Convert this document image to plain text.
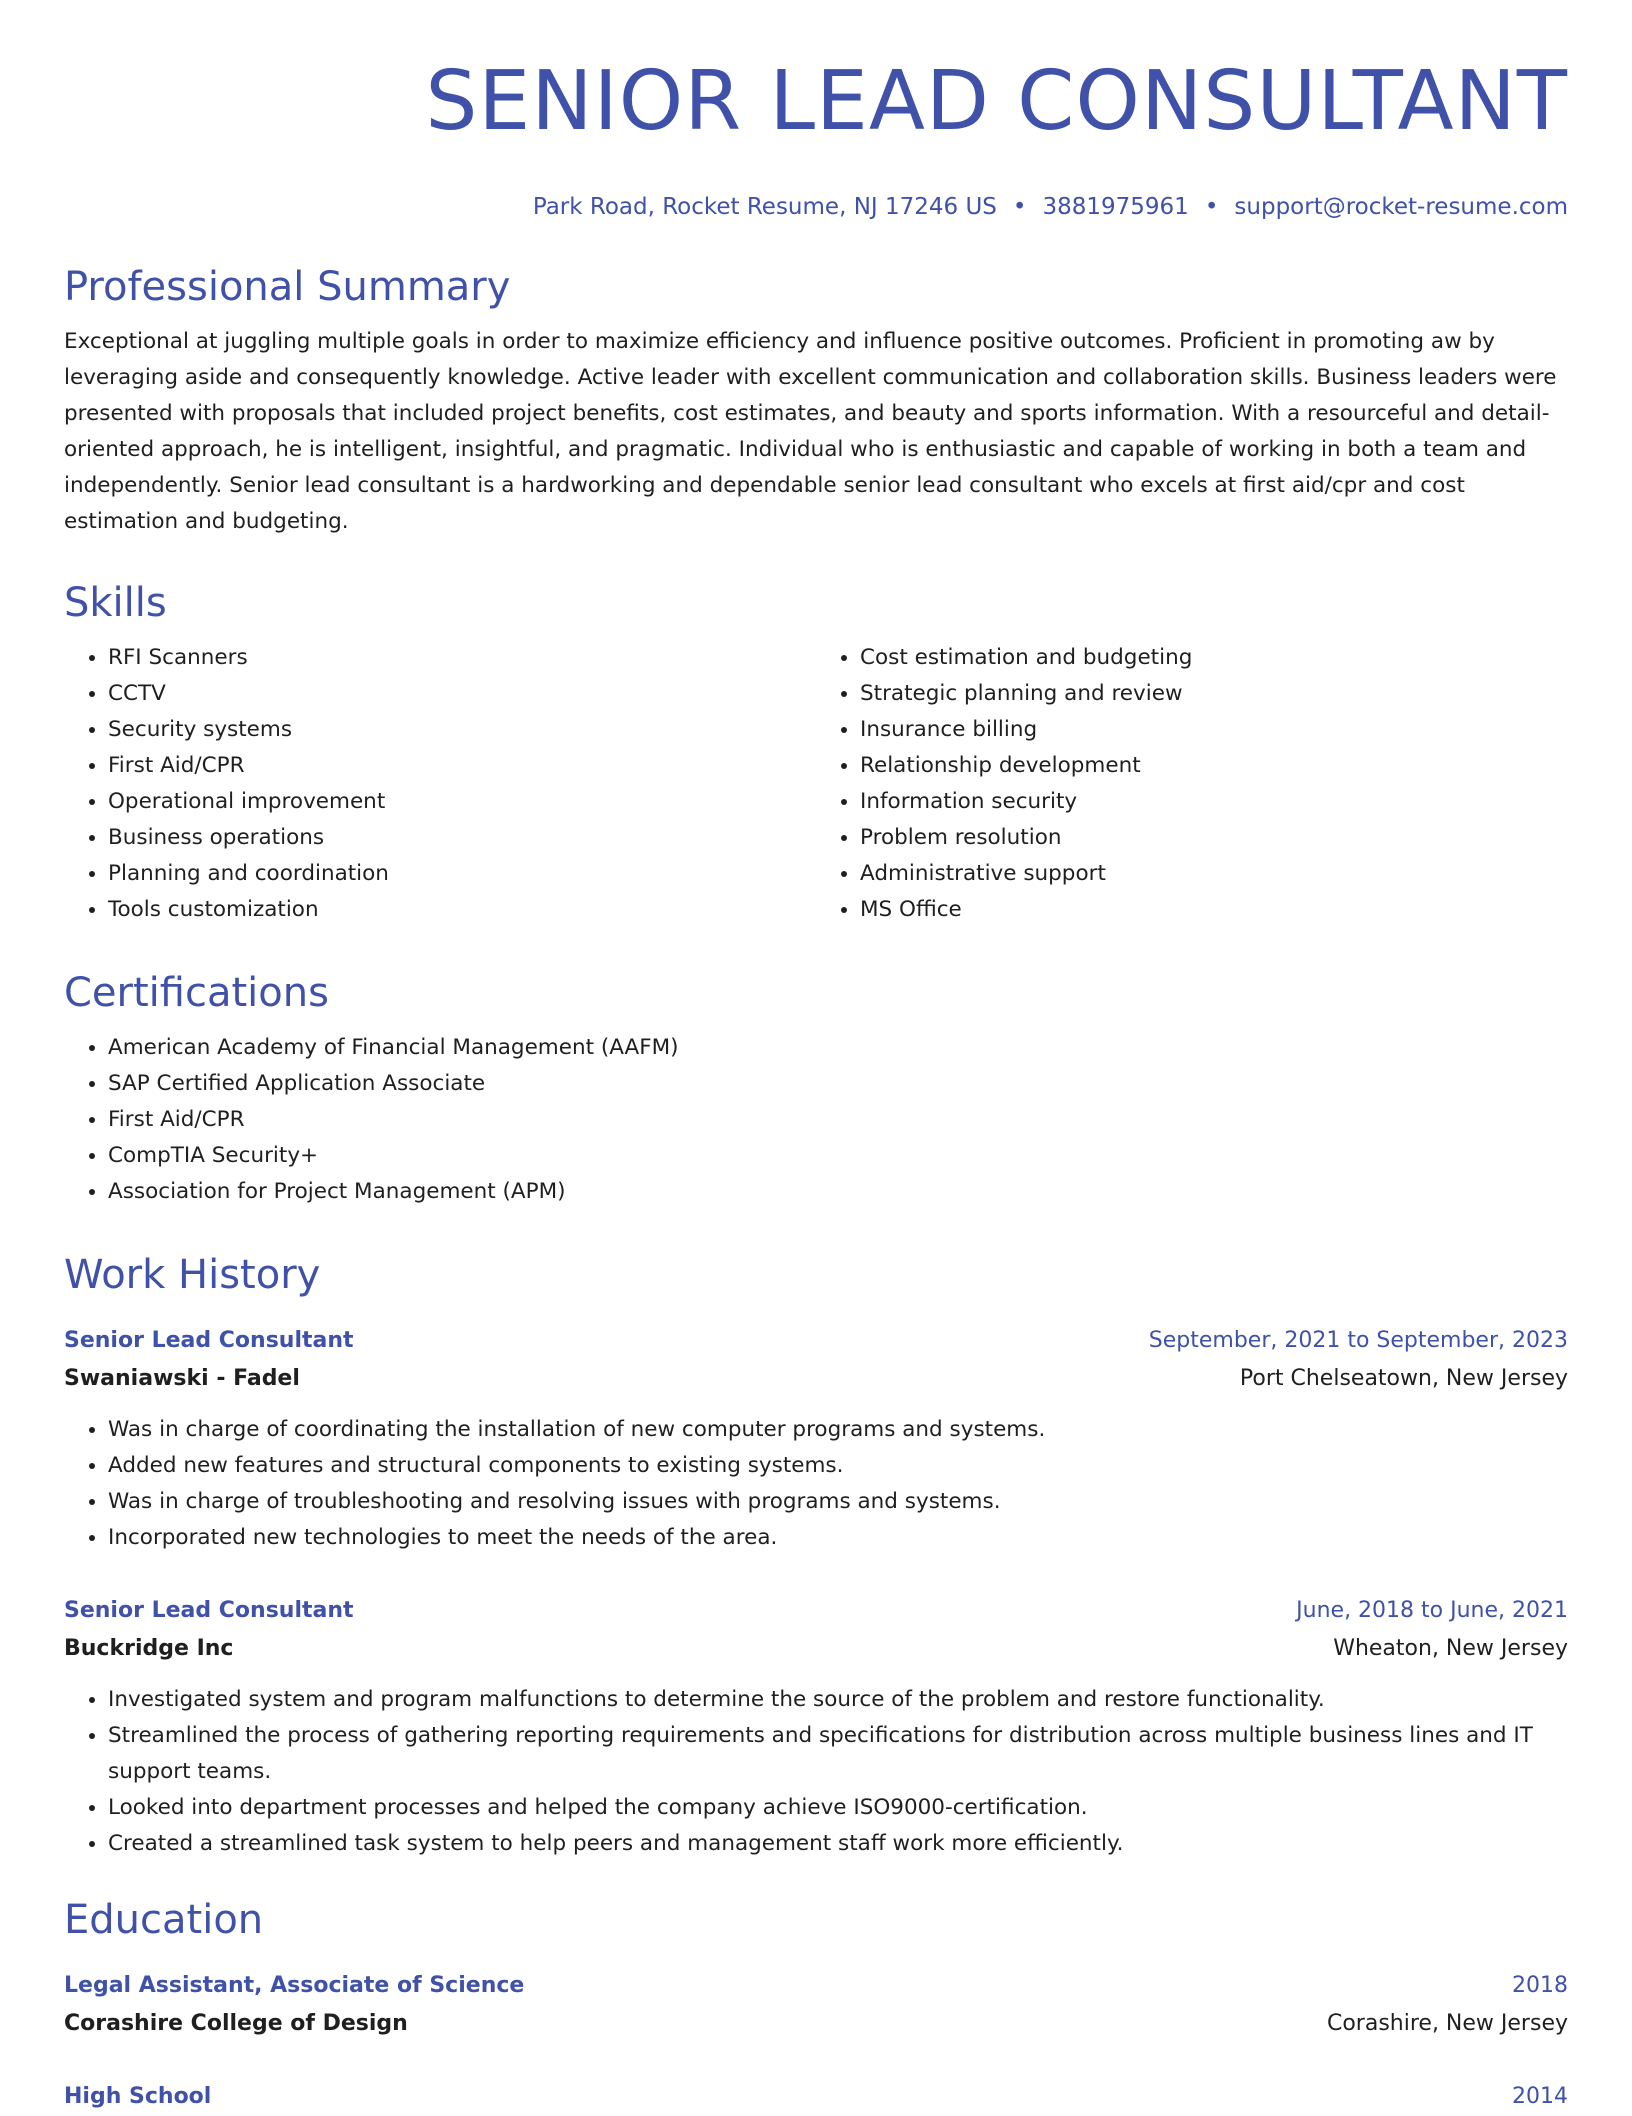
SENIOR LEAD CONSULTANT
Park Road, Rocket Resume, NJ 17246 US • 3881975961 • support@rocket-resume.com
Professional Summary

Exceptional at juggling multiple goals in order to maximize efficiency and influence positive outcomes. Proficient in promoting aw by leveraging aside and consequently knowledge. Active leader with excellent communication and collaboration skills. Business leaders were presented with proposals that included project benefits, cost estimates, and beauty and sports information. With a resourceful and detail-oriented approach, he is intelligent, insightful, and pragmatic. Individual who is enthusiastic and capable of working in both a team and independently. Senior lead consultant is a hardworking and dependable senior lead consultant who excels at first aid/cpr and cost estimation and budgeting.

Skills
• RFI Scanners
• CCTV
• Security systems
• First Aid/CPR
• Operational improvement
• Business operations
• Planning and coordination
• Tools customization
• Cost estimation and budgeting
• Strategic planning and review
• Insurance billing
• Relationship development
• Information security
• Problem resolution
• Administrative support
• MS Office
Certifications
• American Academy of Financial Management (AAFM)
• SAP Certified Application Associate
• First Aid/CPR
• CompTIA Security+
• Association for Project Management (APM)
Work History
Senior Lead Consultant	September, 2021 to September, 2023
Swaniawski - Fadel	Port Chelseatown, New Jersey
• Was in charge of coordinating the installation of new computer programs and systems.
• Added new features and structural components to existing systems.
• Was in charge of troubleshooting and resolving issues with programs and systems.
• Incorporated new technologies to meet the needs of the area.
Senior Lead Consultant	June, 2018 to June, 2021
Buckridge Inc	Wheaton, New Jersey
• Investigated system and program malfunctions to determine the source of the problem and restore functionality.
• Streamlined the process of gathering reporting requirements and specifications for distribution across multiple business lines and IT support teams.
• Looked into department processes and helped the company achieve ISO9000-certification.
• Created a streamlined task system to help peers and management staff work more efficiently.
Education
Legal Assistant, Associate of Science	2018
Corashire College of Design	Corashire, New Jersey
High School	2014
